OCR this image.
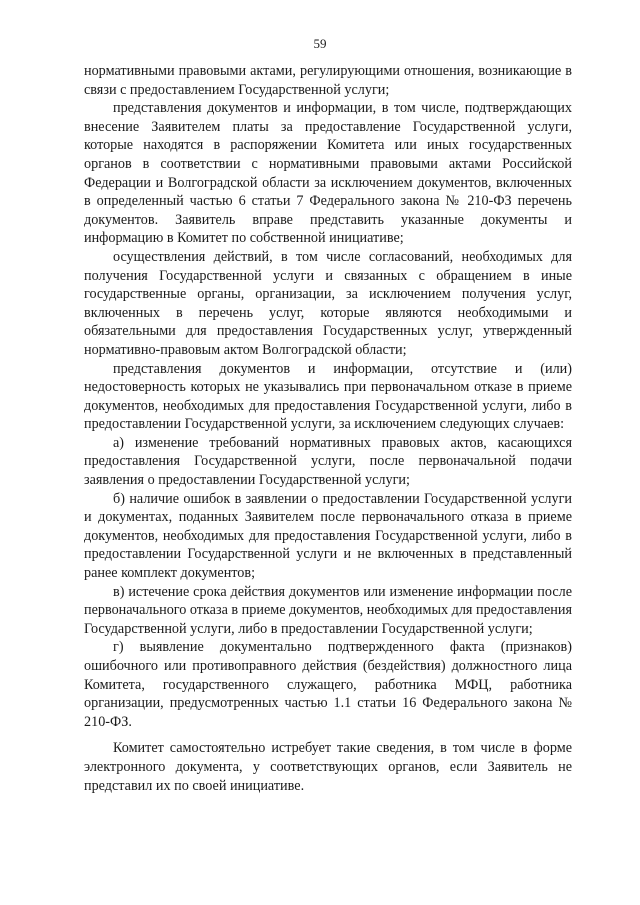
59

нормативными правовыми актами, регулирующими отношения, возникающие в связи с предоставлением Государственной услуги;

представления документов и информации, в том числе, подтверждающих внесение Заявителем платы за предоставление Государственной услуги, которые находятся в распоряжении Комитета или иных государственных органов в соответствии с нормативными правовыми актами Российской Федерации и Волгоградской области за исключением документов, включенных в определенный частью 6 статьи 7 Федерального закона № 210-ФЗ перечень документов. Заявитель вправе представить указанные документы и информацию в Комитет по собственной инициативе;

осуществления действий, в том числе согласований, необходимых для получения Государственной услуги и связанных с обращением в иные государственные органы, организации, за исключением получения услуг, включенных в перечень услуг, которые являются необходимыми и обязательными для предоставления Государственных услуг, утвержденный нормативно-правовым актом Волгоградской области;

представления документов и информации, отсутствие и (или) недостоверность которых не указывались при первоначальном отказе в приеме документов, необходимых для предоставления Государственной услуги, либо в предоставлении Государственной услуги, за исключением следующих случаев:

а) изменение требований нормативных правовых актов, касающихся предоставления Государственной услуги, после первоначальной подачи заявления о предоставлении Государственной услуги;

б) наличие ошибок в заявлении о предоставлении Государственной услуги и документах, поданных Заявителем после первоначального отказа в приеме документов, необходимых для предоставления Государственной услуги, либо в предоставлении Государственной услуги и не включенных в представленный ранее комплект документов;

в) истечение срока действия документов или изменение информации после первоначального отказа в приеме документов, необходимых для предоставления Государственной услуги, либо в предоставлении Государственной услуги;

г) выявление документально подтвержденного факта (признаков) ошибочного или противоправного действия (бездействия) должностного лица Комитета, государственного служащего, работника МФЦ, работника организации, предусмотренных частью 1.1 статьи 16 Федерального закона № 210-ФЗ.

Комитет самостоятельно истребует такие сведения, в том числе в форме электронного документа, у соответствующих органов, если Заявитель не представил их по своей инициативе.
